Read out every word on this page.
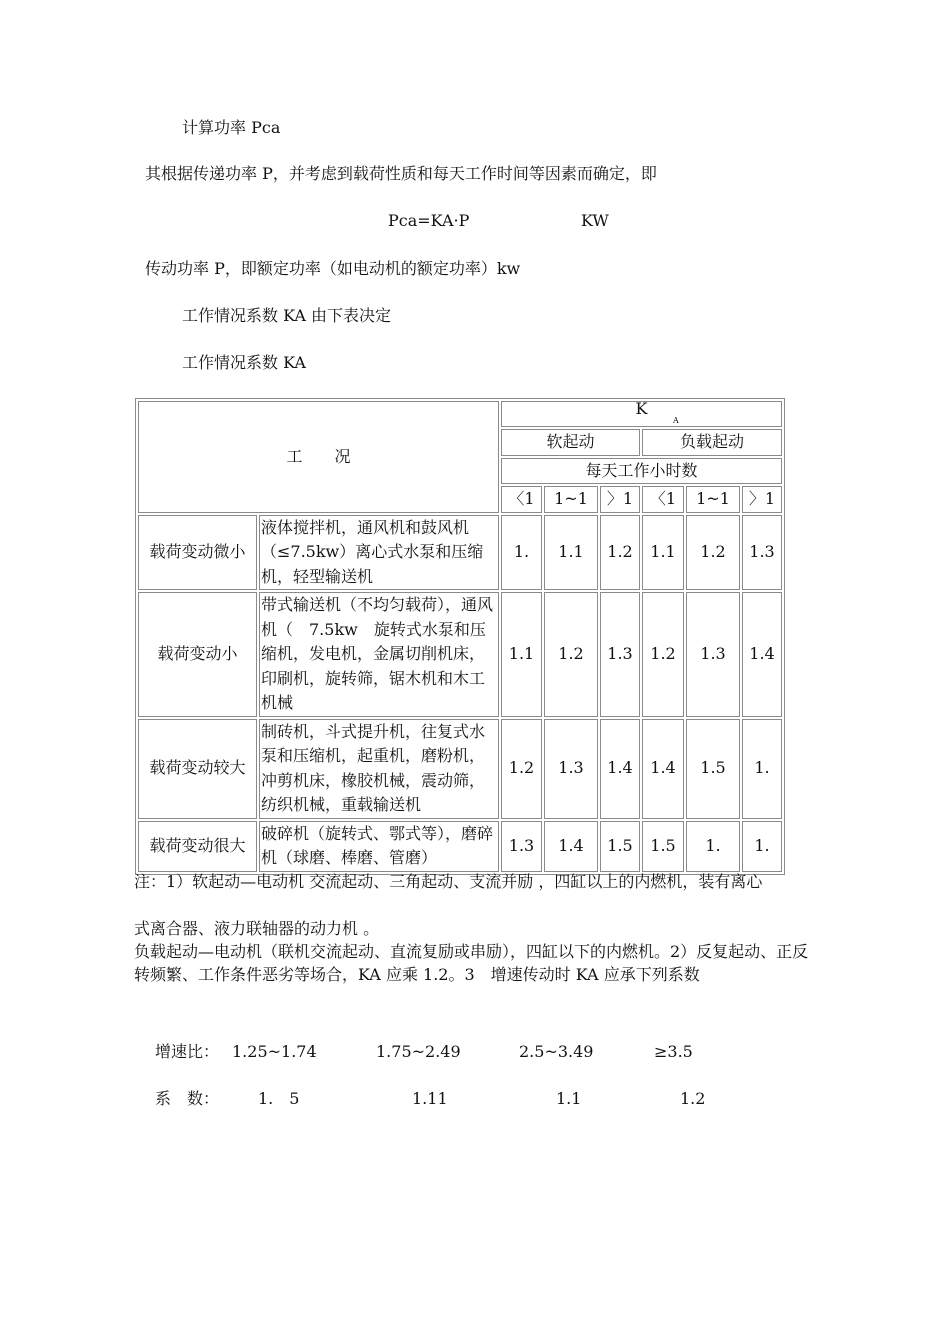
计算功率 Pca
其根据传递功率 P，并考虑到载荷性质和每天工作时间等因素而确定，即
Pca=KA·P	KW
传动功率 P，即额定功率（如电动机的额定功率）kw
工作情况系数 KA 由下表决定
工作情况系数 KA
工　　况		K
A					

		软起动			负载起动		
		每天工作小时数					
		〈1	1~1	〉1	〈1	1~1	〉1
载荷变动微小	液体搅拌机，通风机和鼓风机（≤7.5kw）离心式水泵和压缩机，轻型输送机	1.	1.1	1.2	1.1	1.2	1.3
载荷变动小	带式输送机（不均匀载荷），通风机（　7.5kw　旋转式水泵和压缩机，发电机，金属切削机床，印刷机，旋转筛，锯木机和木工机械	1.1	1.2	1.3	1.2	1.3	1.4
载荷变动较大	制砖机，斗式提升机，往复式水泵和压缩机，起重机，磨粉机，冲剪机床，橡胶机械，震动筛，纺织机械，重载输送机	1.2	1.3	1.4	1.4	1.5	1.
载荷变动很大	破碎机（旋转式、鄂式等），磨碎机（球磨、棒磨、管磨）	1.3	1.4	1.5	1.5	1.	1.
注：1）软起动—电动机 交流起动、三角起动、支流并励 ，四缸以上的内燃机，装有离心
式离合器、液力联轴器的动力机 。
负载起动—电动机（联机交流起动、直流复励或串励），四缸以下的内燃机。2）反复起动、正反转频繁、工作条件恶劣等场合，KA 应乘 1.2。3　增速传动时 KA 应承下列系数
增速比： 1.25~1.74	1.75~2.49	2.5~3.49	≥3.5
系　数： 1.　5	1.11	1.1	1.2
